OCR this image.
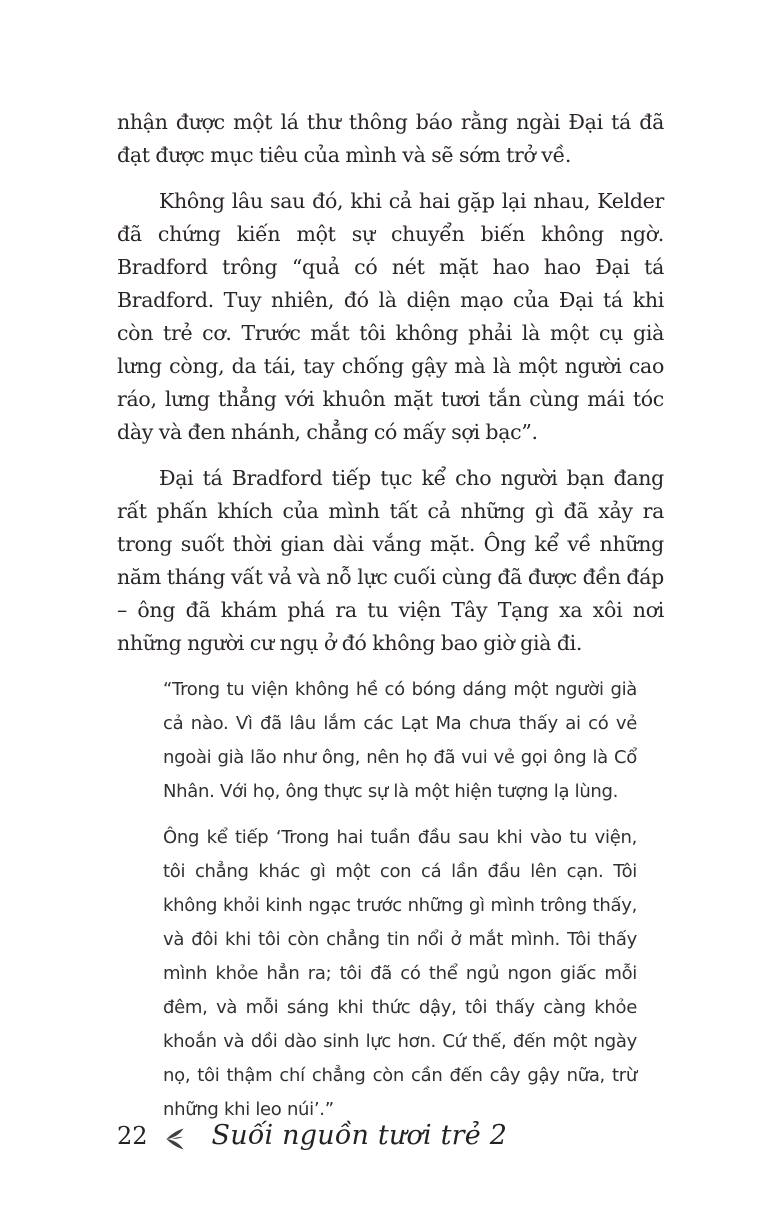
nhận được một lá thư thông báo rằng ngài Đại tá đã đạt được mục tiêu của mình và sẽ sớm trở về.

Không lâu sau đó, khi cả hai gặp lại nhau, Kelder đã chứng kiến một sự chuyển biến không ngờ. Bradford trông “quả có nét mặt hao hao Đại tá Bradford. Tuy nhiên, đó là diện mạo của Đại tá khi còn trẻ cơ. Trước mắt tôi không phải là một cụ già lưng còng, da tái, tay chống gậy mà là một người cao ráo, lưng thẳng với khuôn mặt tươi tắn cùng mái tóc dày và đen nhánh, chẳng có mấy sợi bạc”.

Đại tá Bradford tiếp tục kể cho người bạn đang rất phấn khích của mình tất cả những gì đã xảy ra trong suốt thời gian dài vắng mặt. Ông kể về những năm tháng vất vả và nỗ lực cuối cùng đã được đền đáp – ông đã khám phá ra tu viện Tây Tạng xa xôi nơi những người cư ngụ ở đó không bao giờ già đi.

“Trong tu viện không hề có bóng dáng một người già cả nào. Vì đã lâu lắm các Lạt Ma chưa thấy ai có vẻ ngoài già lão như ông, nên họ đã vui vẻ gọi ông là Cổ Nhân. Với họ, ông thực sự là một hiện tượng lạ lùng.

Ông kể tiếp ‘Trong hai tuần đầu sau khi vào tu viện, tôi chẳng khác gì một con cá lần đầu lên cạn. Tôi không khỏi kinh ngạc trước những gì mình trông thấy, và đôi khi tôi còn chẳng tin nổi ở mắt mình. Tôi thấy mình khỏe hẳn ra; tôi đã có thể ngủ ngon giấc mỗi đêm, và mỗi sáng khi thức dậy, tôi thấy càng khỏe khoắn và dồi dào sinh lực hơn. Cứ thế, đến một ngày nọ, tôi thậm chí chẳng còn cần đến cây gậy nữa, trừ những khi leo núi’.”

22 Suối nguồn tươi trẻ 2
